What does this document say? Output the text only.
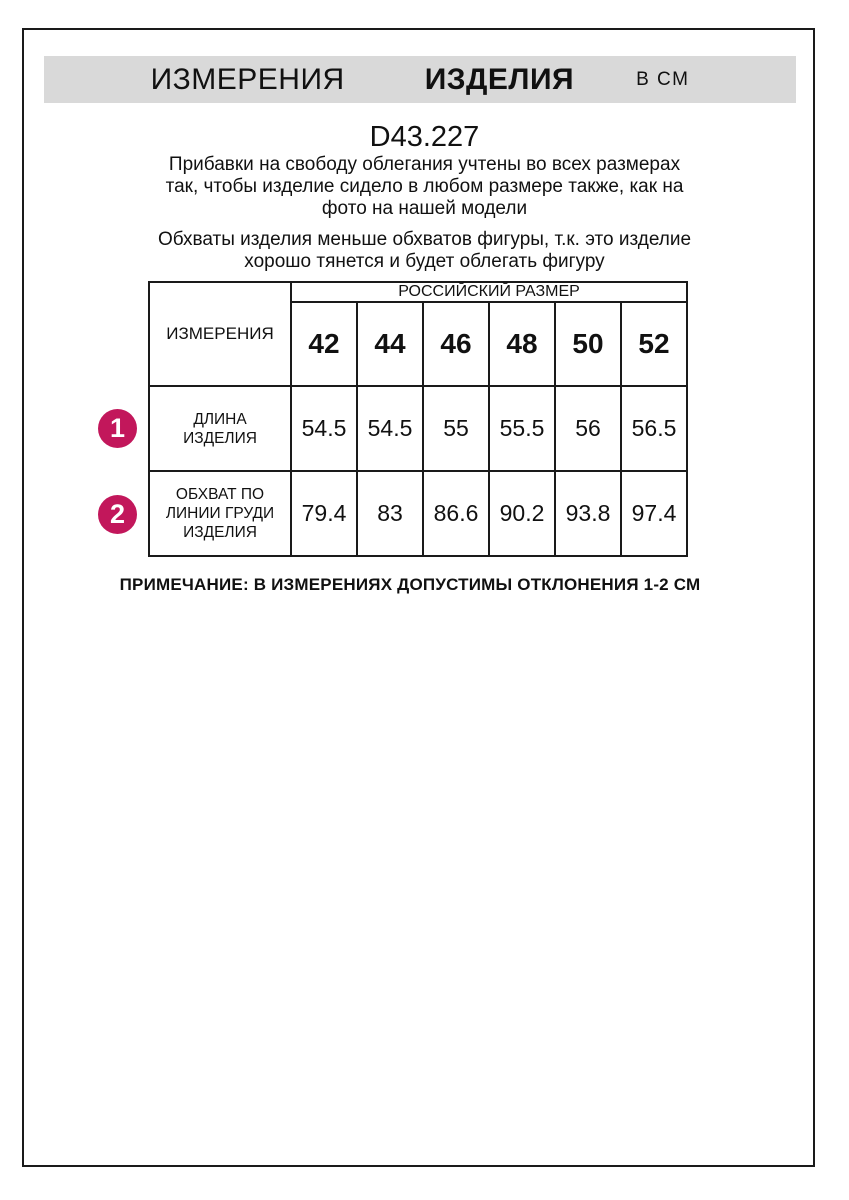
ИЗМЕРЕНИЯ	ИЗДЕЛИЯ	В СМ
D43.227

Прибавки на свободу облегания учтены во всех размерах так, чтобы изделие сидело в любом размере также, как на фото на нашей модели

Обхваты изделия меньше обхватов фигуры, т.к. это изделие хорошо тянется и будет облегать фигуру

ИЗМЕРЕНИЯ	РОССИЙСКИЙ РАЗМЕР					
	42	44	46	48	50	52
ДЛИНА ИЗДЕЛИЯ	54.5	54.5	55	55.5	56	56.5
ОБХВАТ ПО ЛИНИИ ГРУДИ ИЗДЕЛИЯ	79.4	83	86.6	90.2	93.8	97.4
1
2
ПРИМЕЧАНИЕ: В ИЗМЕРЕНИЯХ ДОПУСТИМЫ ОТКЛОНЕНИЯ 1-2 СМ
